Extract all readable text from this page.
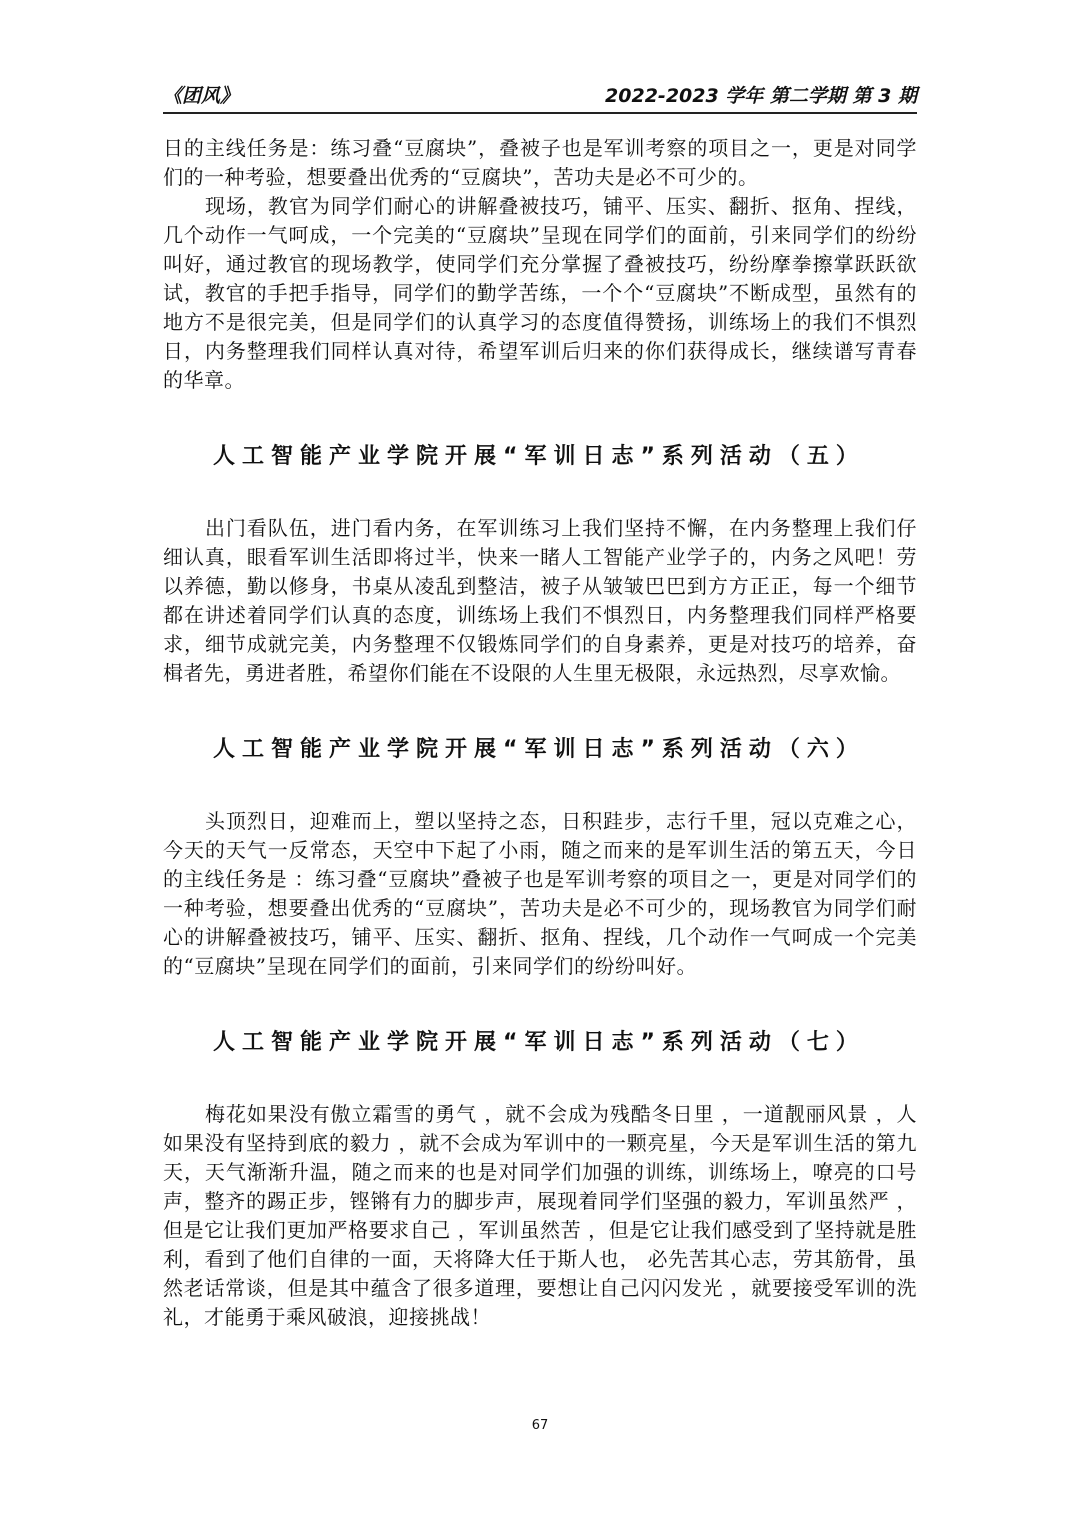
《团风》	2022-2023 学年 第二学期 第 3 期

日的主线任务是：练习叠“豆腐块”，叠被子也是军训考察的项目之一，更是对同学们的一种考验，想要叠出优秀的“豆腐块”，苦功夫是必不可少的。

现场，教官为同学们耐心的讲解叠被技巧，铺平、压实、翻折、抠角、捏线，几个动作一气呵成，一个完美的“豆腐块”呈现在同学们的面前，引来同学们的纷纷叫好，通过教官的现场教学，使同学们充分掌握了叠被技巧，纷纷摩拳擦掌跃跃欲试，教官的手把手指导，同学们的勤学苦练，一个个“豆腐块”不断成型，虽然有的地方不是很完美，但是同学们的认真学习的态度值得赞扬，训练场上的我们不惧烈日，内务整理我们同样认真对待，希望军训后归来的你们获得成长，继续谱写青春的华章。

人工智能产业学院开展“军训日志”系列活动（五）

出门看队伍，进门看内务，在军训练习上我们坚持不懈，在内务整理上我们仔细认真，眼看军训生活即将过半，快来一睹人工智能产业学子的，内务之风吧！劳以养德，勤以修身，书桌从凌乱到整洁，被子从皱皱巴巴到方方正正，每一个细节都在讲述着同学们认真的态度，训练场上我们不惧烈日，内务整理我们同样严格要求，细节成就完美，内务整理不仅锻炼同学们的自身素养，更是对技巧的培养，奋楫者先，勇进者胜，希望你们能在不设限的人生里无极限，永远热烈，尽享欢愉。

人工智能产业学院开展“军训日志”系列活动（六）

头顶烈日，迎难而上，塑以坚持之态，日积跬步，志行千里，冠以克难之心，今天的天气一反常态，天空中下起了小雨，随之而来的是军训生活的第五天，今日的主线任务是 ：练习叠“豆腐块”叠被子也是军训考察的项目之一，更是对同学们的一种考验，想要叠出优秀的“豆腐块”，苦功夫是必不可少的，现场教官为同学们耐心的讲解叠被技巧，铺平、压实、翻折、抠角、捏线，几个动作一气呵成一个完美的“豆腐块”呈现在同学们的面前，引来同学们的纷纷叫好。

人工智能产业学院开展“军训日志”系列活动（七）

梅花如果没有傲立霜雪的勇气 ，就不会成为残酷冬日里 ，一道靓丽风景 ，人如果没有坚持到底的毅力 ，就不会成为军训中的一颗亮星，今天是军训生活的第九天，天气渐渐升温，随之而来的也是对同学们加强的训练，训练场上，嘹亮的口号声，整齐的踢正步，铿锵有力的脚步声，展现着同学们坚强的毅力，军训虽然严 ，但是它让我们更加严格要求自己 ，军训虽然苦 ，但是它让我们感受到了坚持就是胜利，看到了他们自律的一面，天将降大任于斯人也， 必先苦其心志，劳其筋骨，虽然老话常谈，但是其中蕴含了很多道理，要想让自己闪闪发光 ，就要接受军训的洗礼，才能勇于乘风破浪，迎接挑战！

67
